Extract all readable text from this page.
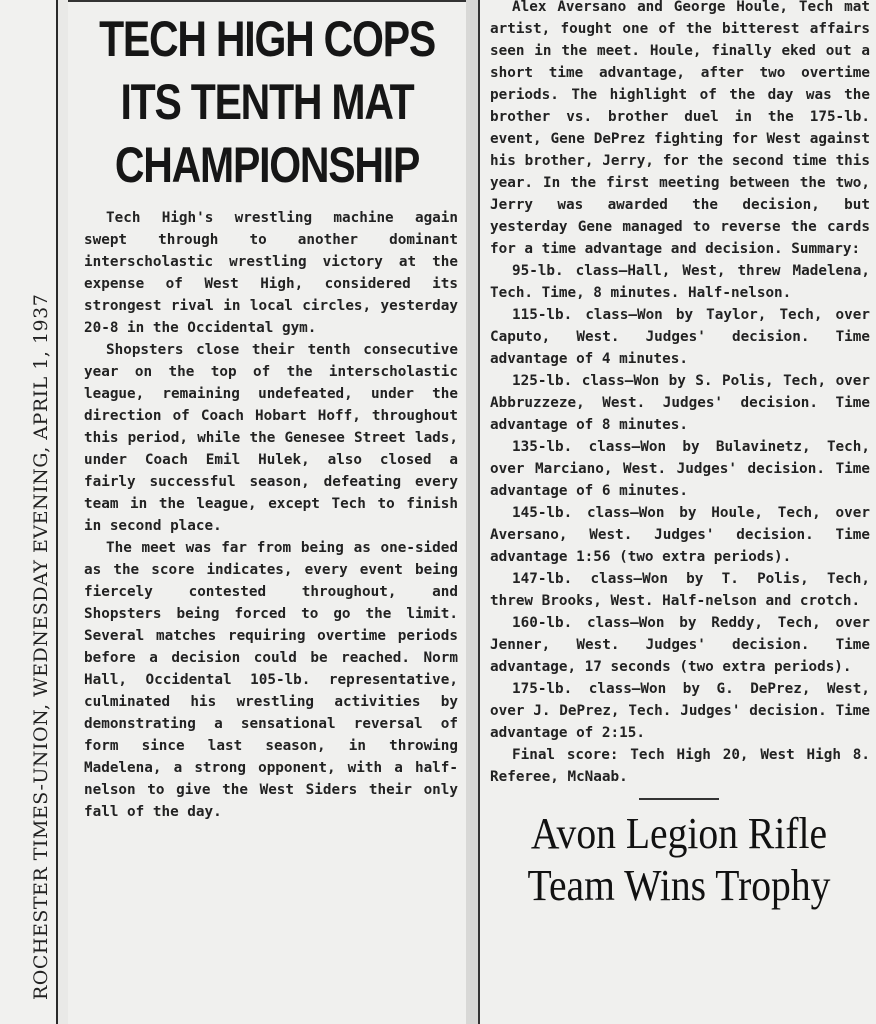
ROCHESTER TIMES-UNION, WEDNESDAY EVENING, APRIL 1, 1937
TECH HIGH COPS
ITS TENTH MAT
CHAMPIONSHIP

Tech High's wrestling machine again swept through to another dominant interscholastic wrestling victory at the expense of West High, considered its strongest rival in local circles, yesterday 20-8 in the Occidental gym.

Shopsters close their tenth consecutive year on the top of the interscholastic league, remaining undefeated, under the direction of Coach Hobart Hoff, throughout this period, while the Genesee Street lads, under Coach Emil Hulek, also closed a fairly successful season, defeating every team in the league, except Tech to finish in second place.

The meet was far from being as one-sided as the score indicates, every event being fiercely contested throughout, and Shopsters being forced to go the limit. Several matches requiring overtime periods before a decision could be reached. Norm Hall, Occidental 105-lb. representative, culminated his wrestling activities by demonstrating a sensational reversal of form since last season, in throwing Madelena, a strong opponent, with a half-nelson to give the West Siders their only fall of the day.

Alex Aversano and George Houle, Tech mat artist, fought one of the bitterest affairs seen in the meet. Houle, finally eked out a short time advantage, after two overtime periods. The highlight of the day was the brother vs. brother duel in the 175-lb. event, Gene DePrez fighting for West against his brother, Jerry, for the second time this year. In the first meeting between the two, Jerry was awarded the decision, but yesterday Gene managed to reverse the cards for a time advantage and decision. Summary:

95-lb. class—Hall, West, threw Madelena, Tech. Time, 8 minutes. Half-nelson.

115-lb. class—Won by Taylor, Tech, over Caputo, West. Judges' decision. Time advantage of 4 minutes.

125-lb. class—Won by S. Polis, Tech, over Abbruzzeze, West. Judges' decision. Time advantage of 8 minutes.

135-lb. class—Won by Bulavinetz, Tech, over Marciano, West. Judges' decision. Time advantage of 6 minutes.

145-lb. class—Won by Houle, Tech, over Aversano, West. Judges' decision. Time advantage 1:56 (two extra periods).

147-lb. class—Won by T. Polis, Tech, threw Brooks, West. Half-nelson and crotch.

160-lb. class—Won by Reddy, Tech, over Jenner, West. Judges' decision. Time advantage, 17 seconds (two extra periods).

175-lb. class—Won by G. DePrez, West, over J. DePrez, Tech. Judges' decision. Time advantage of 2:15.

Final score: Tech High 20, West High 8. Referee, McNaab.

Avon Legion Rifle
Team Wins Trophy
